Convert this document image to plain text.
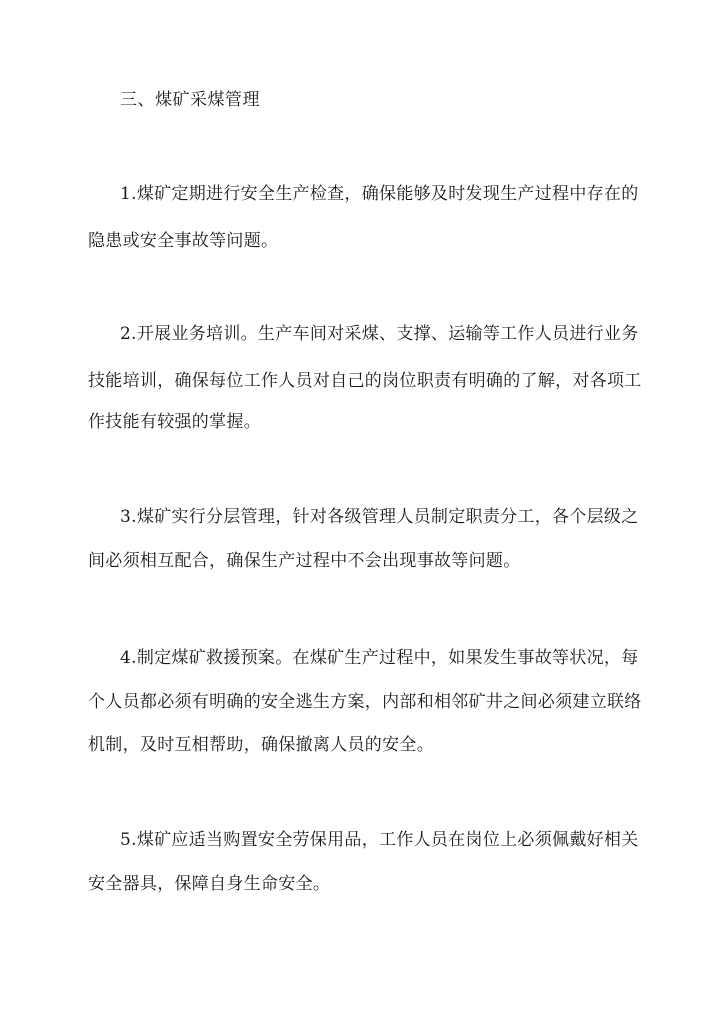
三、煤矿采煤管理
1.煤矿定期进行安全生产检查，确保能够及时发现生产过程中存在的
隐患或安全事故等问题。
2.开展业务培训。生产车间对采煤、支撑、运输等工作人员进行业务
技能培训，确保每位工作人员对自己的岗位职责有明确的了解，对各项工
作技能有较强的掌握。
3.煤矿实行分层管理，针对各级管理人员制定职责分工，各个层级之
间必须相互配合，确保生产过程中不会出现事故等问题。
4.制定煤矿救援预案。在煤矿生产过程中，如果发生事故等状况，每
个人员都必须有明确的安全逃生方案，内部和相邻矿井之间必须建立联络
机制，及时互相帮助，确保撤离人员的安全。
5.煤矿应适当购置安全劳保用品，工作人员在岗位上必须佩戴好相关
安全器具，保障自身生命安全。
